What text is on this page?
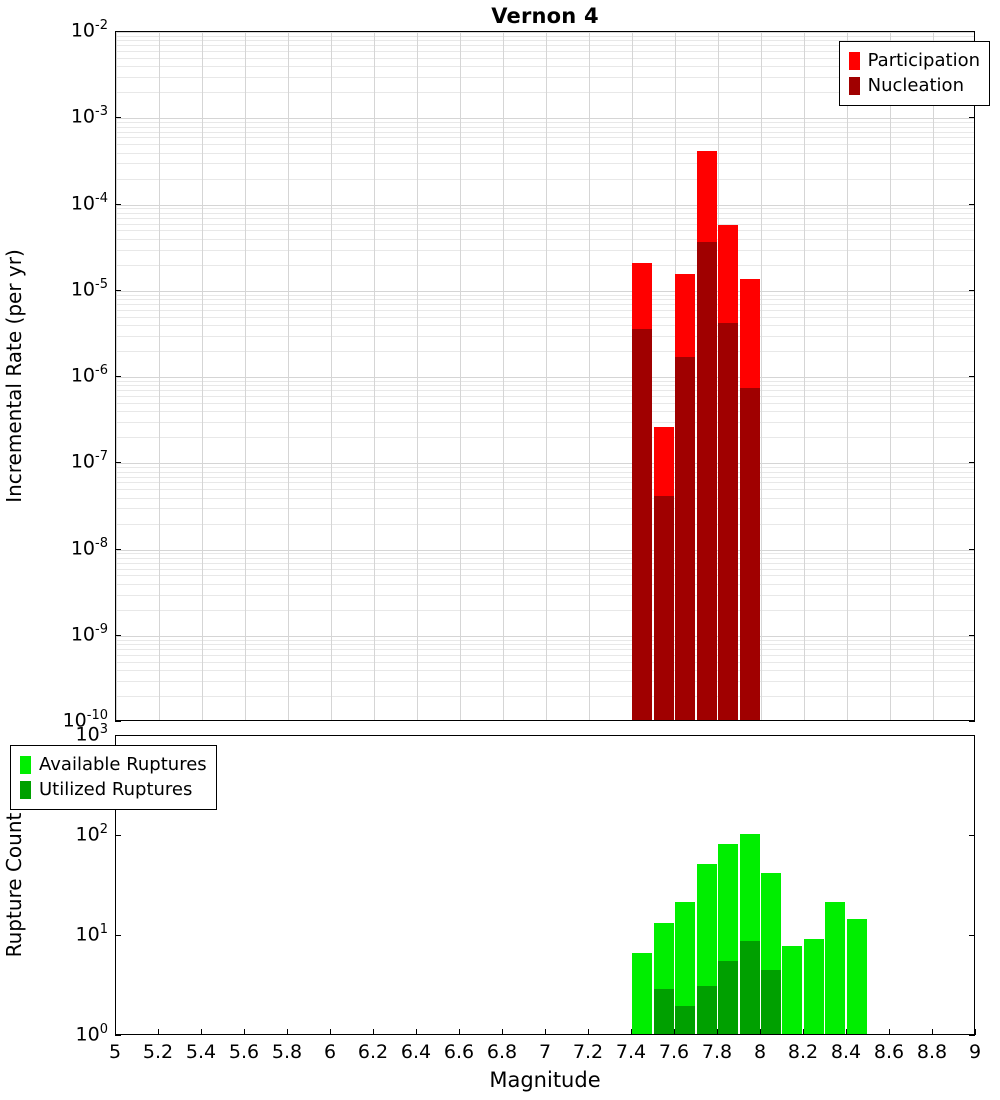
Vernon 4
Incremental Rate (per yr)
Rupture Count
Magnitude
Participation
Nucleation
Available Ruptures
Utilized Ruptures
$10^{-10}$
$10^{-9}$
$10^{-8}$
$10^{-7}$
$10^{-6}$
$10^{-5}$
$10^{-4}$
$10^{-3}$
$10^{-2}$
$10^0$
$10^1$
$10^2$
$10^3$
5	5.2 5.4 5.6 5.8	6	6.2 6.4 6.6 6.8	7	7.2 7.4 7.6 7.8	8	8.2 8.4 8.6 8.8	9
